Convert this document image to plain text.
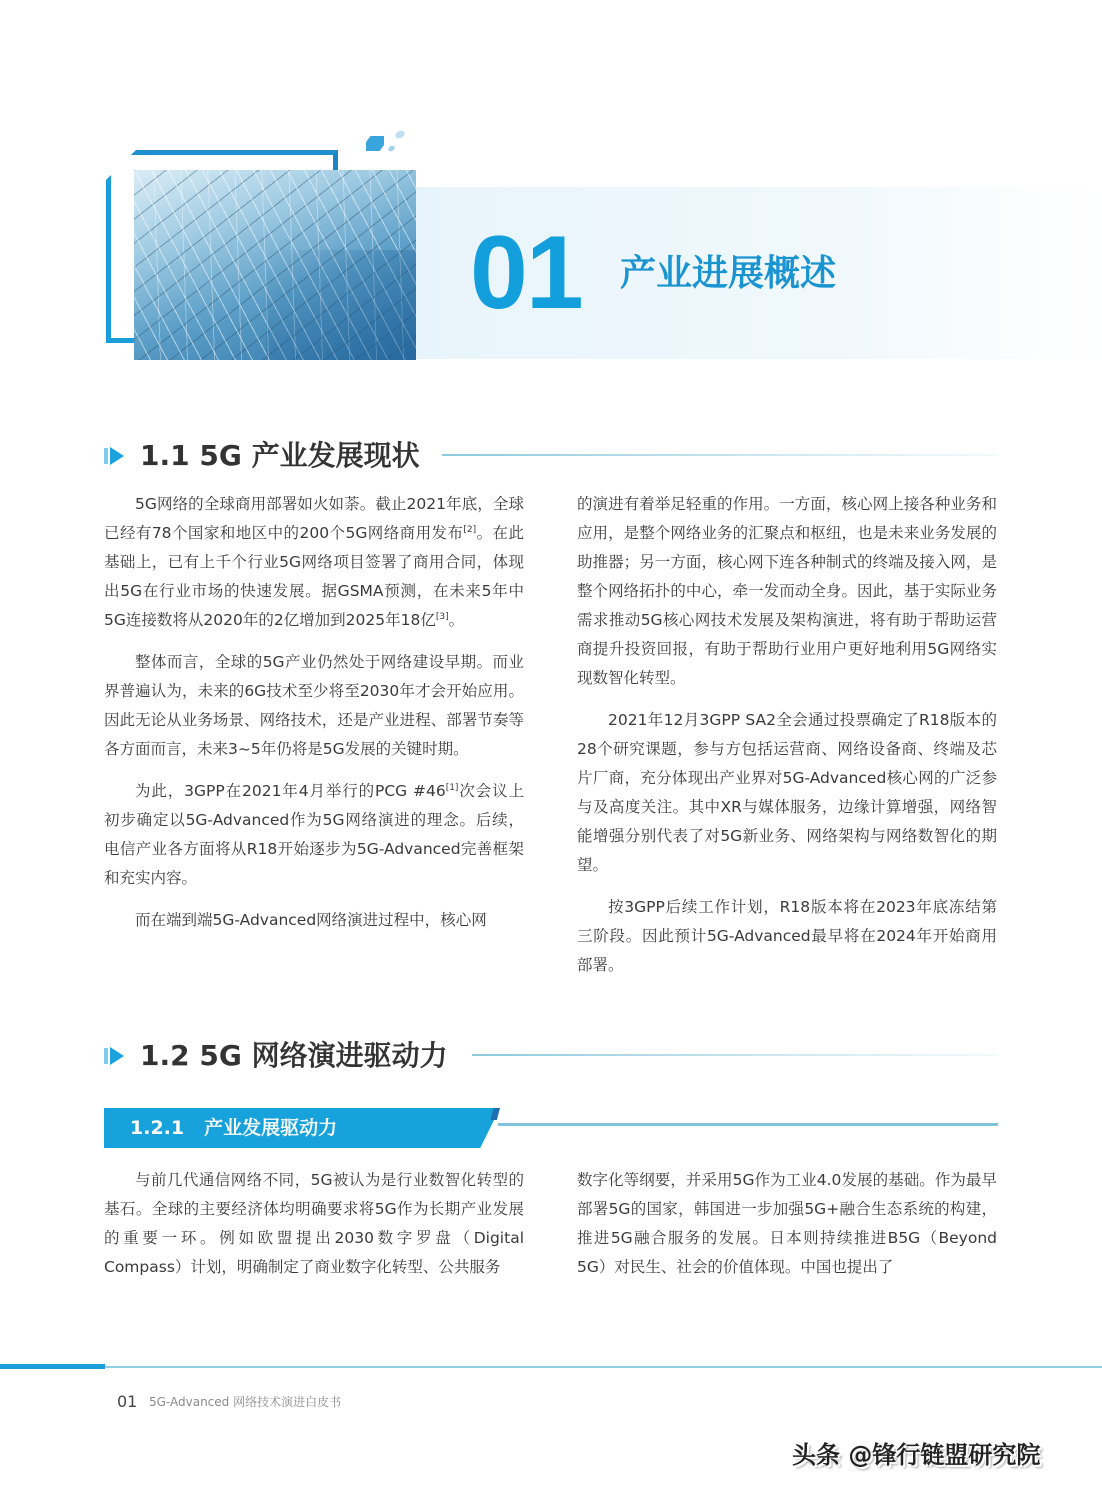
01 产业进展概述
1.1 5G 产业发展现状

5G网络的全球商用部署如火如荼。截止2021年底，全球已经有78个国家和地区中的200个5G网络商用发布[2]。在此基础上，已有上千个行业5G网络项目签署了商用合同，体现出5G在行业市场的快速发展。据GSMA预测，在未来5年中5G连接数将从2020年的2亿增加到2025年18亿[3]。

整体而言，全球的5G产业仍然处于网络建设早期。而业界普遍认为，未来的6G技术至少将至2030年才会开始应用。因此无论从业务场景、网络技术，还是产业进程、部署节奏等各方面而言，未来3~5年仍将是5G发展的关键时期。

为此，3GPP在2021年4月举行的PCG #46[1]次会议上初步确定以5G-Advanced作为5G网络演进的理念。后续，电信产业各方面将从R18开始逐步为5G-Advanced完善框架和充实内容。

而在端到端5G-Advanced网络演进过程中，核心网

的演进有着举足轻重的作用。一方面，核心网上接各种业务和应用，是整个网络业务的汇聚点和枢纽，也是未来业务发展的助推器；另一方面，核心网下连各种制式的终端及接入网，是整个网络拓扑的中心，牵一发而动全身。因此，基于实际业务需求推动5G核心网技术发展及架构演进，将有助于帮助运营商提升投资回报，有助于帮助行业用户更好地利用5G网络实现数智化转型。

2021年12月3GPP SA2全会通过投票确定了R18版本的28个研究课题，参与方包括运营商、网络设备商、终端及芯片厂商，充分体现出产业界对5G-Advanced核心网的广泛参与及高度关注。其中XR与媒体服务，边缘计算增强，网络智能增强分别代表了对5G新业务、网络架构与网络数智化的期望。

按3GPP后续工作计划，R18版本将在2023年底冻结第三阶段。因此预计5G-Advanced最早将在2024年开始商用部署。

1.2 5G 网络演进驱动力
1.2.1 产业发展驱动力

与前几代通信网络不同，5G被认为是行业数智化转型的基石。全球的主要经济体均明确要求将5G作为长期产业发展的重要一环。例如欧盟提出2030数字罗盘（Digital Compass）计划，明确制定了商业数字化转型、公共服务

数字化等纲要，并采用5G作为工业4.0发展的基础。作为最早部署5G的国家，韩国进一步加强5G+融合生态系统的构建，推进5G融合服务的发展。日本则持续推进B5G（Beyond 5G）对民生、社会的价值体现。中国也提出了

01 5G-Advanced 网络技术演进白皮书
头条 @锋行链盟研究院
